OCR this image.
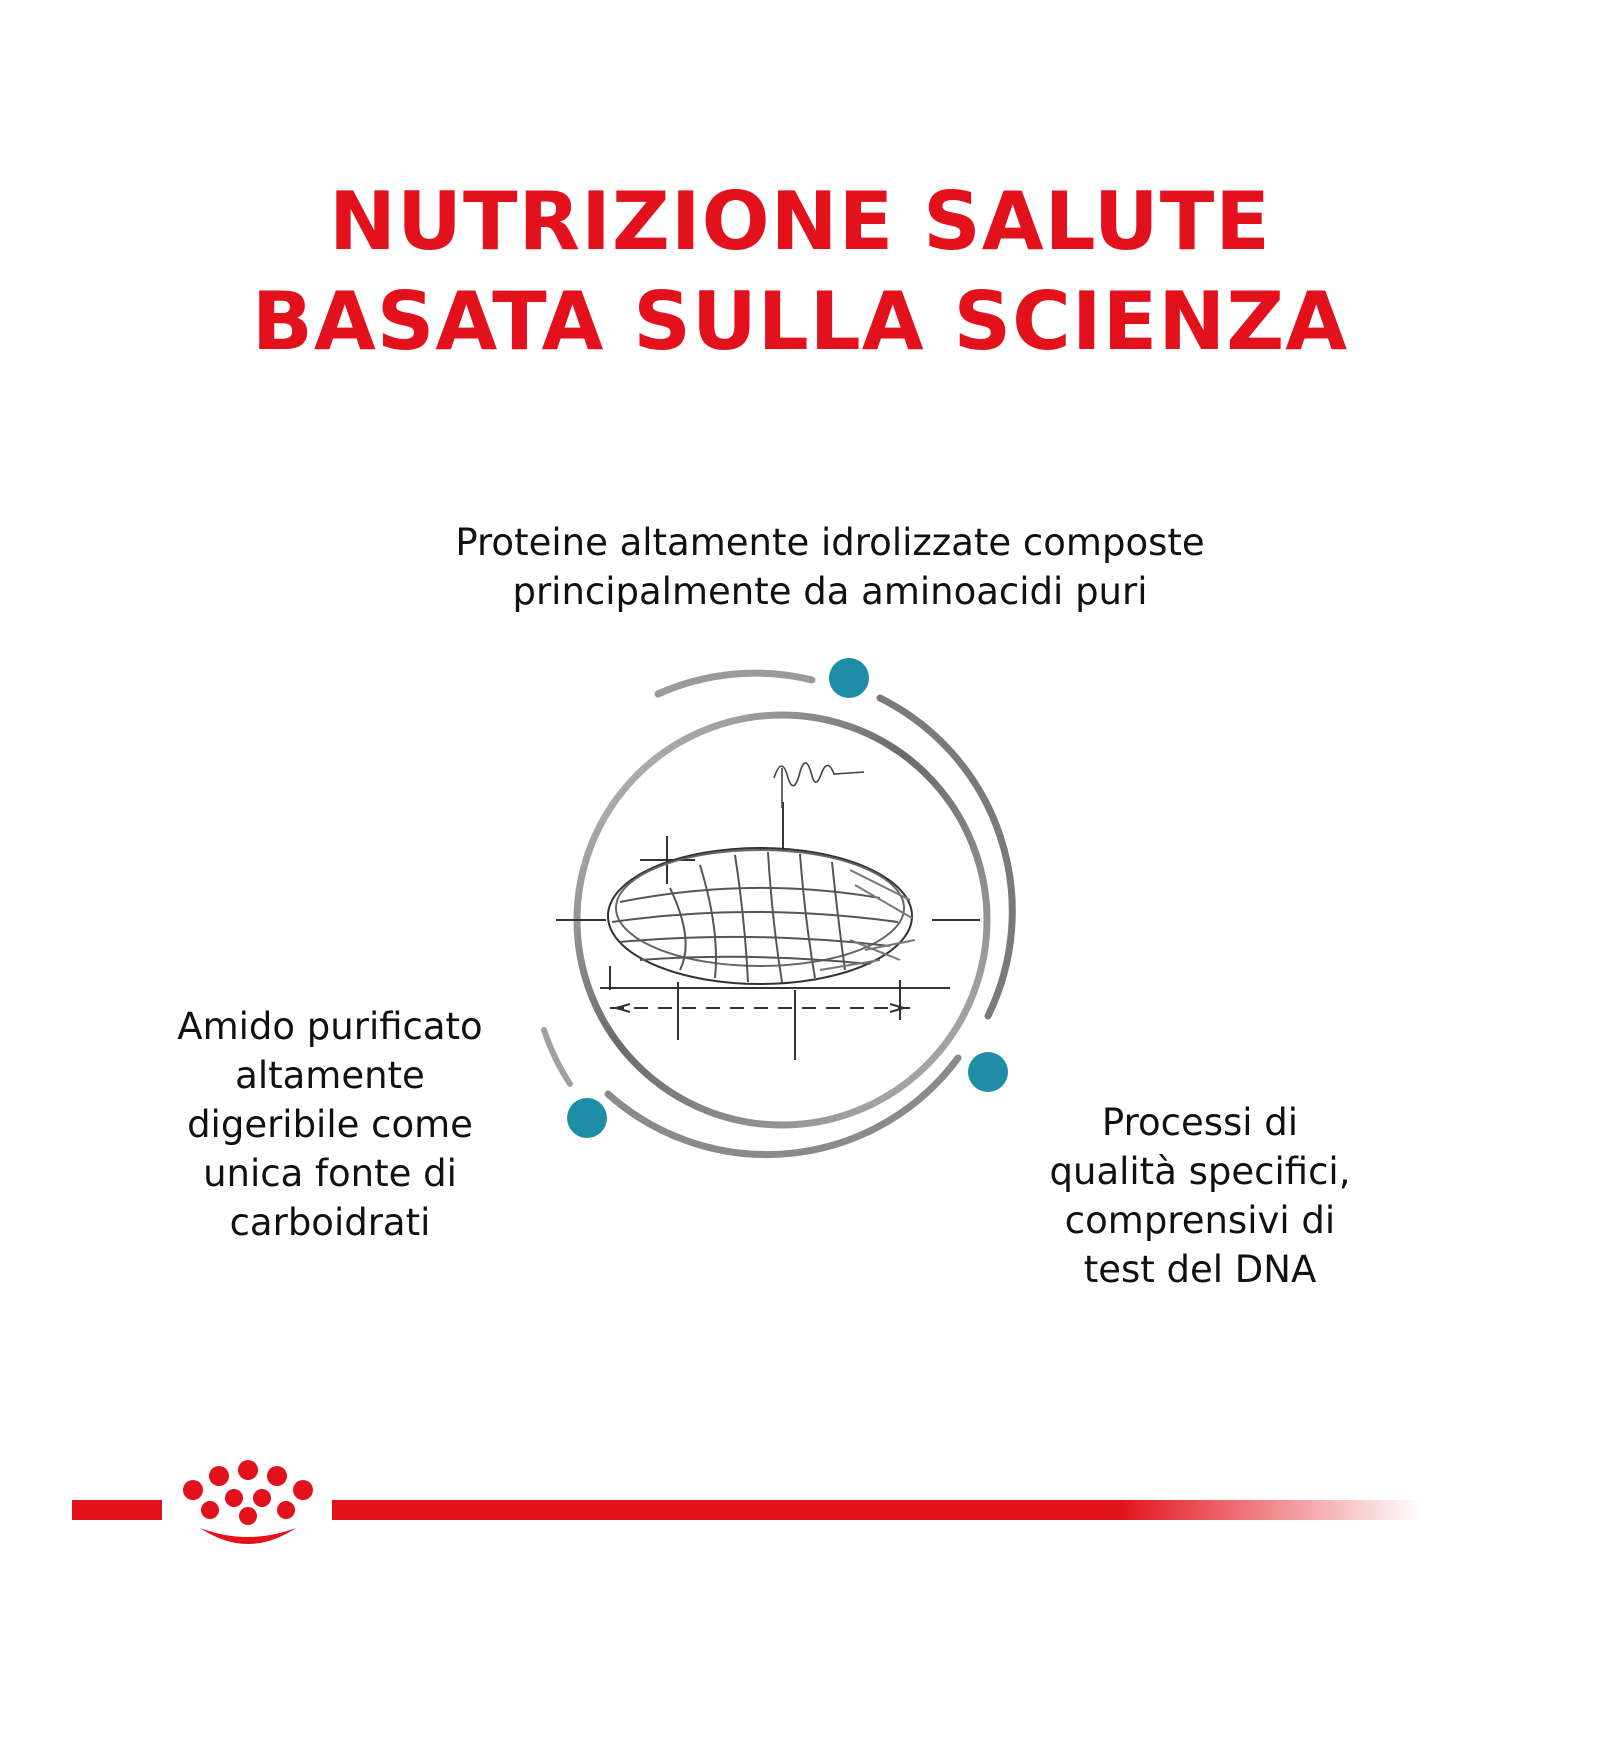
NUTRIZIONE SALUTE
BASATA SULLA SCIENZA
Proteine altamente idrolizzate composte
principalmente da aminoacidi puri
Amido purificato
altamente
digeribile come
unica fonte di
carboidrati
Processi di
qualità specifici,
comprensivi di
test del DNA
